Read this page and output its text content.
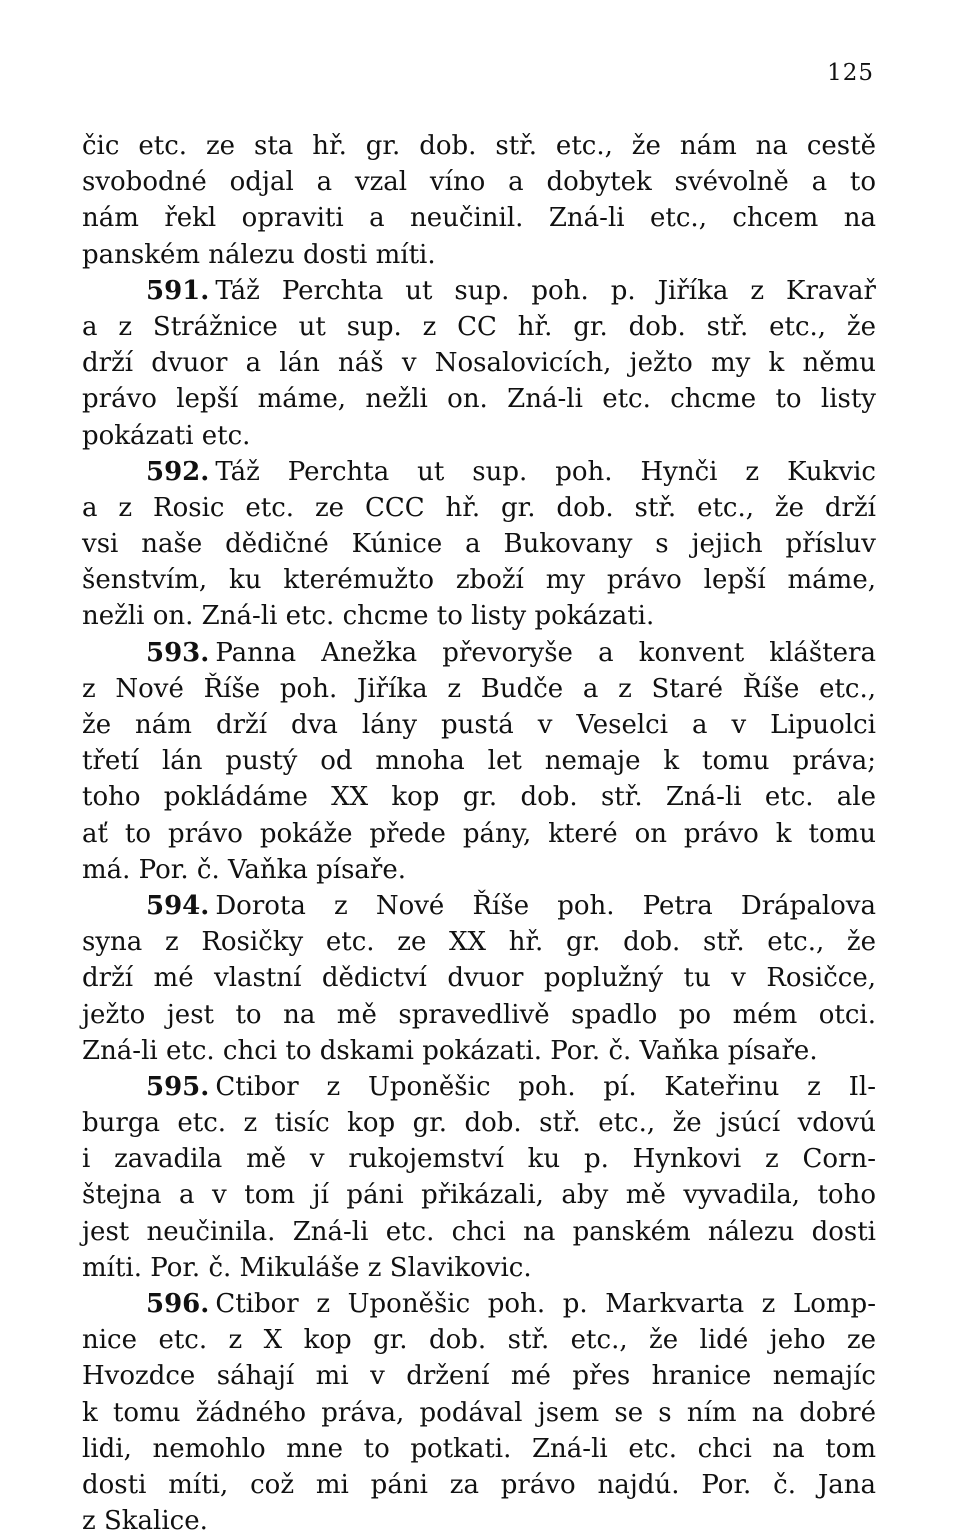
125
čic etc. ze sta hř. gr. dob. stř. etc., že nám na cestě
svobodné odjal a vzal víno a dobytek svévolně a to
nám řekl opraviti a neučinil. Zná-li etc., chcem na
panském nálezu dosti míti.
591. Táž Perchta ut sup. poh. p. Jiříka z Kravař
a z Strážnice ut sup. z CC hř. gr. dob. stř. etc., že
drží dvuor a lán náš v Nosalovicích, ježto my k němu
právo lepší máme, nežli on. Zná-li etc. chcme to listy
pokázati etc.
592. Táž Perchta ut sup. poh. Hynči z Kukvic
a z Rosic etc. ze CCC hř. gr. dob. stř. etc., že drží
vsi naše dědičné Kúnice a Bukovany s jejich přísluv
šenstvím, ku kterémužto zboží my právo lepší máme,
nežli on. Zná-li etc. chcme to listy pokázati.
593. Panna Anežka převoryše a konvent kláštera
z Nové Říše poh. Jiříka z Budče a z Staré Říše etc.,
že nám drží dva lány pustá v Veselci a v Lipuolci
třetí lán pustý od mnoha let nemaje k tomu práva;
toho pokládáme XX kop gr. dob. stř. Zná-li etc. ale
ať to právo pokáže přede pány, které on právo k tomu
má. Por. č. Vaňka písaře.
594. Dorota z Nové Říše poh. Petra Drápalova
syna z Rosičky etc. ze XX hř. gr. dob. stř. etc., že
drží mé vlastní dědictví dvuor poplužný tu v Rosičce,
ježto jest to na mě spravedlivě spadlo po mém otci.
Zná-li etc. chci to dskami pokázati. Por. č. Vaňka písaře.
595. Ctibor z Uponěšic poh. pí. Kateřinu z Il-
burga etc. z tisíc kop gr. dob. stř. etc., že jsúcí vdovú
i zavadila mě v rukojemství ku p. Hynkovi z Corn-
štejna a v tom jí páni přikázali, aby mě vyvadila, toho
jest neučinila. Zná-li etc. chci na panském nálezu dosti
míti. Por. č. Mikuláše z Slavikovic.
596. Ctibor z Uponěšic poh. p. Markvarta z Lomp-
nice etc. z X kop gr. dob. stř. etc., že lidé jeho ze
Hvozdce sáhají mi v držení mé přes hranice nemajíc
k tomu žádného práva, podával jsem se s ním na dobré
lidi, nemohlo mne to potkati. Zná-li etc. chci na tom
dosti míti, což mi páni za právo najdú. Por. č. Jana
z Skalice.
